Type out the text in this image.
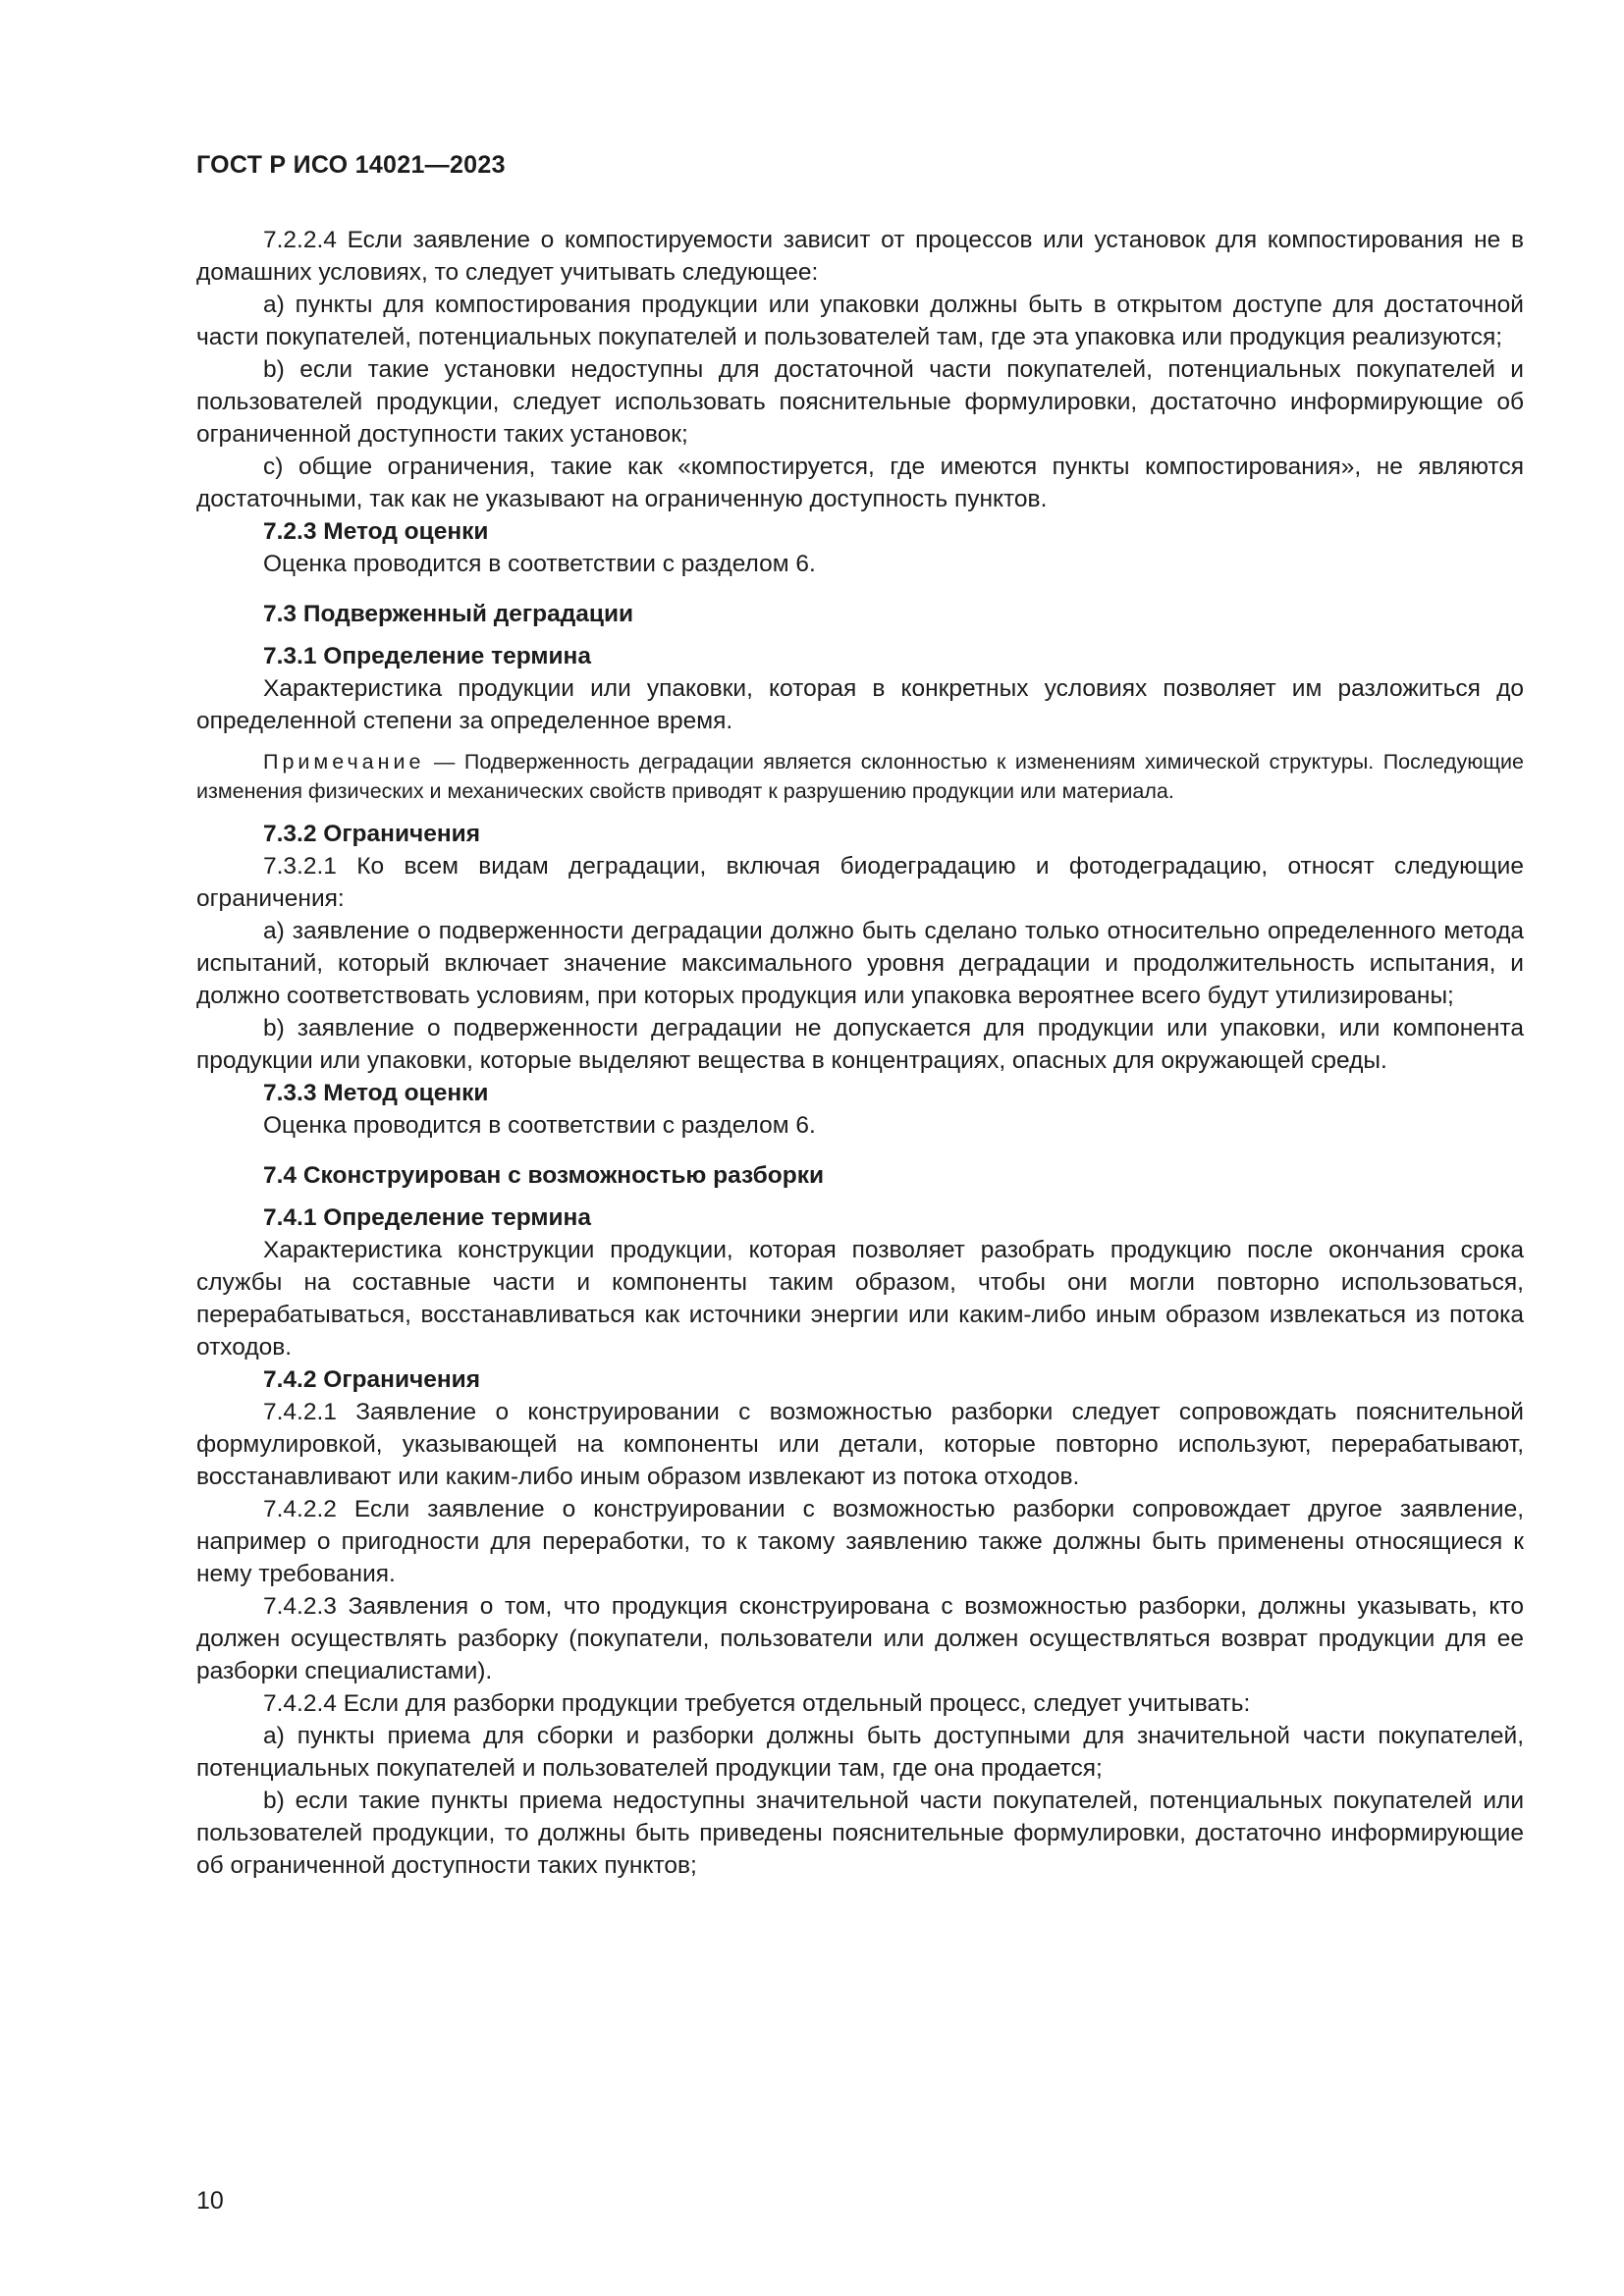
ГОСТ Р ИСО 14021—2023

7.2.2.4 Если заявление о компостируемости зависит от процессов или установок для компостирования не в домашних условиях, то следует учитывать следующее:

a) пункты для компостирования продукции или упаковки должны быть в открытом доступе для достаточной части покупателей, потенциальных покупателей и пользователей там, где эта упаковка или продукция реализуются;

b) если такие установки недоступны для достаточной части покупателей, потенциальных покупателей и пользователей продукции, следует использовать пояснительные формулировки, достаточно информирующие об ограниченной доступности таких установок;

c) общие ограничения, такие как «компостируется, где имеются пункты компостирования», не являются достаточными, так как не указывают на ограниченную доступность пунктов.

7.2.3 Метод оценки

Оценка проводится в соответствии с разделом 6.

7.3 Подверженный деградации

7.3.1 Определение термина

Характеристика продукции или упаковки, которая в конкретных условиях позволяет им разложиться до определенной степени за определенное время.

Примечание — Подверженность деградации является склонностью к изменениям химической структуры. Последующие изменения физических и механических свойств приводят к разрушению продукции или материала.

7.3.2 Ограничения

7.3.2.1 Ко всем видам деградации, включая биодеградацию и фотодеградацию, относят следующие ограничения:

a) заявление о подверженности деградации должно быть сделано только относительно определенного метода испытаний, который включает значение максимального уровня деградации и продолжительность испытания, и должно соответствовать условиям, при которых продукция или упаковка вероятнее всего будут утилизированы;

b) заявление о подверженности деградации не допускается для продукции или упаковки, или компонента продукции или упаковки, которые выделяют вещества в концентрациях, опасных для окружающей среды.

7.3.3 Метод оценки

Оценка проводится в соответствии с разделом 6.

7.4 Сконструирован с возможностью разборки

7.4.1 Определение термина

Характеристика конструкции продукции, которая позволяет разобрать продукцию после окончания срока службы на составные части и компоненты таким образом, чтобы они могли повторно использоваться, перерабатываться, восстанавливаться как источники энергии или каким-либо иным образом извлекаться из потока отходов.

7.4.2 Ограничения

7.4.2.1 Заявление о конструировании с возможностью разборки следует сопровождать пояснительной формулировкой, указывающей на компоненты или детали, которые повторно используют, перерабатывают, восстанавливают или каким-либо иным образом извлекают из потока отходов.

7.4.2.2 Если заявление о конструировании с возможностью разборки сопровождает другое заявление, например о пригодности для переработки, то к такому заявлению также должны быть применены относящиеся к нему требования.

7.4.2.3 Заявления о том, что продукция сконструирована с возможностью разборки, должны указывать, кто должен осуществлять разборку (покупатели, пользователи или должен осуществляться возврат продукции для ее разборки специалистами).

7.4.2.4 Если для разборки продукции требуется отдельный процесс, следует учитывать:

a) пункты приема для сборки и разборки должны быть доступными для значительной части покупателей, потенциальных покупателей и пользователей продукции там, где она продается;

b) если такие пункты приема недоступны значительной части покупателей, потенциальных покупателей или пользователей продукции, то должны быть приведены пояснительные формулировки, достаточно информирующие об ограниченной доступности таких пунктов;

10
